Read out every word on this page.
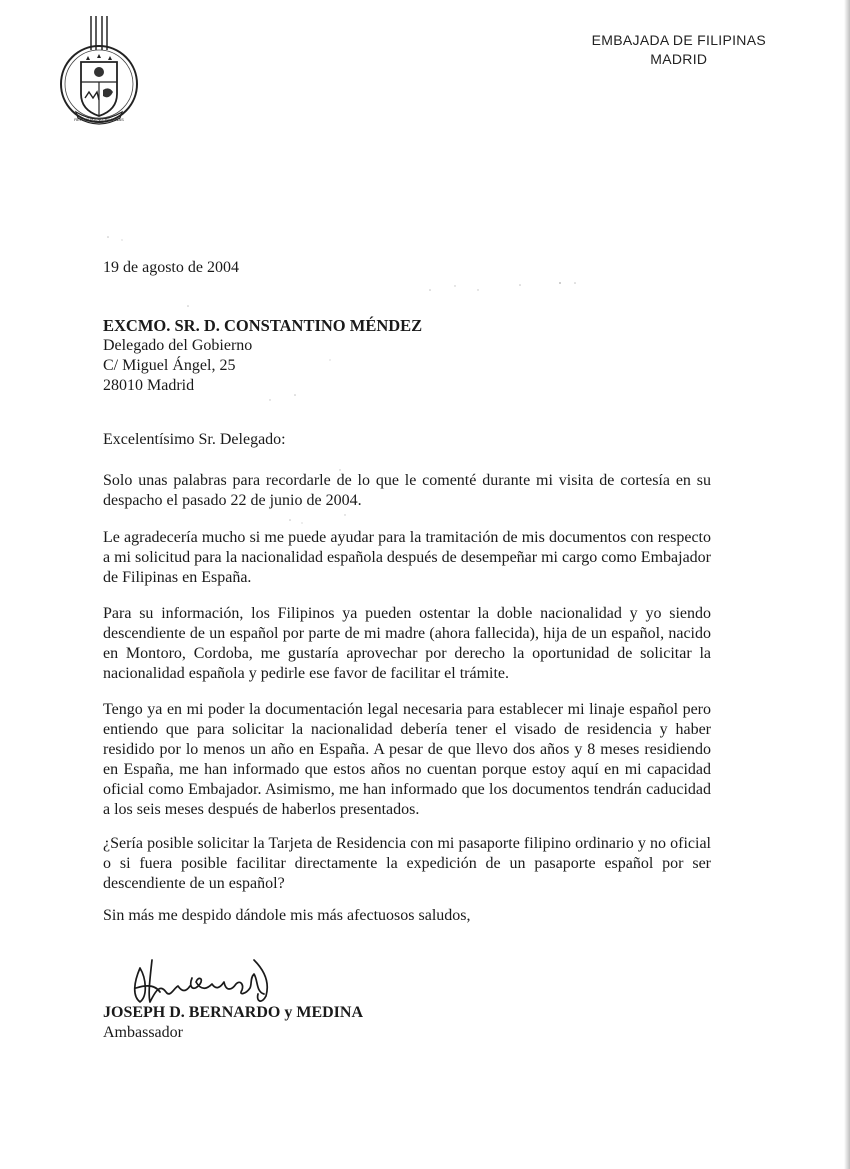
REPUBLIKA NG PILIPINAS
EMBAJADA DE FILIPINAS
MADRID
19 de agosto de 2004
EXCMO. SR. D. CONSTANTINO MÉNDEZ
Delegado del Gobierno
C/ Miguel Ángel, 25
28010 Madrid
Excelentísimo Sr. Delegado:
Solo unas palabras para recordarle de lo que le comenté durante mi visita de cortesía en su despacho el pasado 22 de junio de 2004.
Le agradecería mucho si me puede ayudar para la tramitación de mis documentos con respecto a mi solicitud para la nacionalidad española después de desempeñar mi cargo como Embajador de Filipinas en España.
Para su información, los Filipinos ya pueden ostentar la doble nacionalidad y yo siendo descendiente de un español por parte de mi madre (ahora fallecida), hija de un español, nacido en Montoro, Cordoba, me gustaría aprovechar por derecho la oportunidad de solicitar la nacionalidad española y pedirle ese favor de facilitar el trámite.
Tengo ya en mi poder la documentación legal necesaria para establecer mi linaje español pero entiendo que para solicitar la nacionalidad debería tener el visado de residencia y haber residido por lo menos un año en España. A pesar de que llevo dos años y 8 meses residiendo en España, me han informado que estos años no cuentan porque estoy aquí en mi capacidad oficial como Embajador. Asimismo, me han informado que los documentos tendrán caducidad a los seis meses después de haberlos presentados.
¿Sería posible solicitar la Tarjeta de Residencia con mi pasaporte filipino ordinario y no oficial o si fuera posible facilitar directamente la expedición de un pasaporte español por ser descendiente de un español?
Sin más me despido dándole mis más afectuosos saludos,
JOSEPH D. BERNARDO y MEDINA
Ambassador
